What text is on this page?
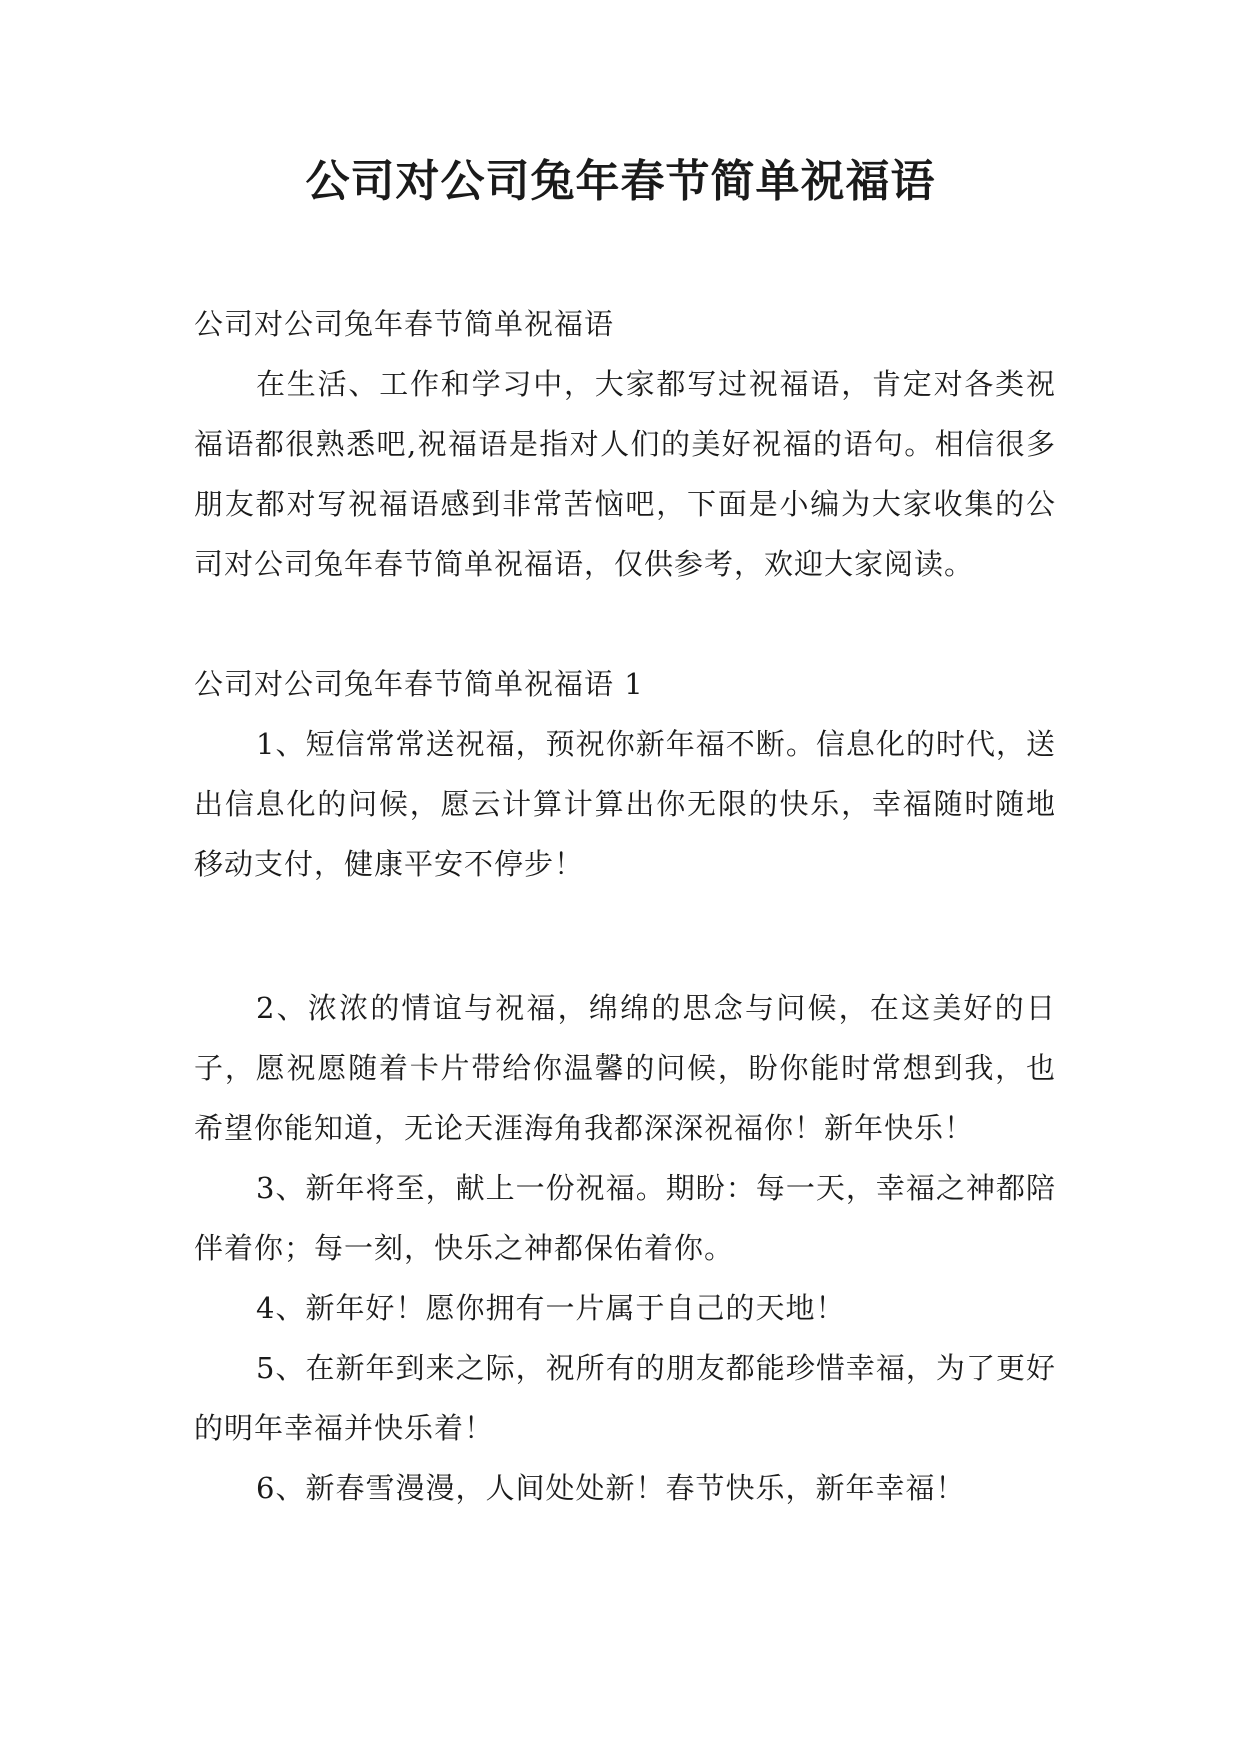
公司对公司兔年春节简单祝福语

公司对公司兔年春节简单祝福语

在生活、工作和学习中，大家都写过祝福语，肯定对各类祝福语都很熟悉吧,祝福语是指对人们的美好祝福的语句。相信很多朋友都对写祝福语感到非常苦恼吧，下面是小编为大家收集的公司对公司兔年春节简单祝福语，仅供参考，欢迎大家阅读。

公司对公司兔年春节简单祝福语 1

1、短信常常送祝福，预祝你新年福不断。信息化的时代，送出信息化的问候，愿云计算计算出你无限的快乐，幸福随时随地移动支付，健康平安不停步！

2、浓浓的情谊与祝福，绵绵的思念与问候，在这美好的日子，愿祝愿随着卡片带给你温馨的问候，盼你能时常想到我，也希望你能知道，无论天涯海角我都深深祝福你！新年快乐！

3、新年将至，献上一份祝福。期盼：每一天，幸福之神都陪伴着你；每一刻，快乐之神都保佑着你。

4、新年好！愿你拥有一片属于自己的天地！

5、在新年到来之际，祝所有的朋友都能珍惜幸福，为了更好的明年幸福并快乐着！

6、新春雪漫漫，人间处处新！春节快乐，新年幸福！
